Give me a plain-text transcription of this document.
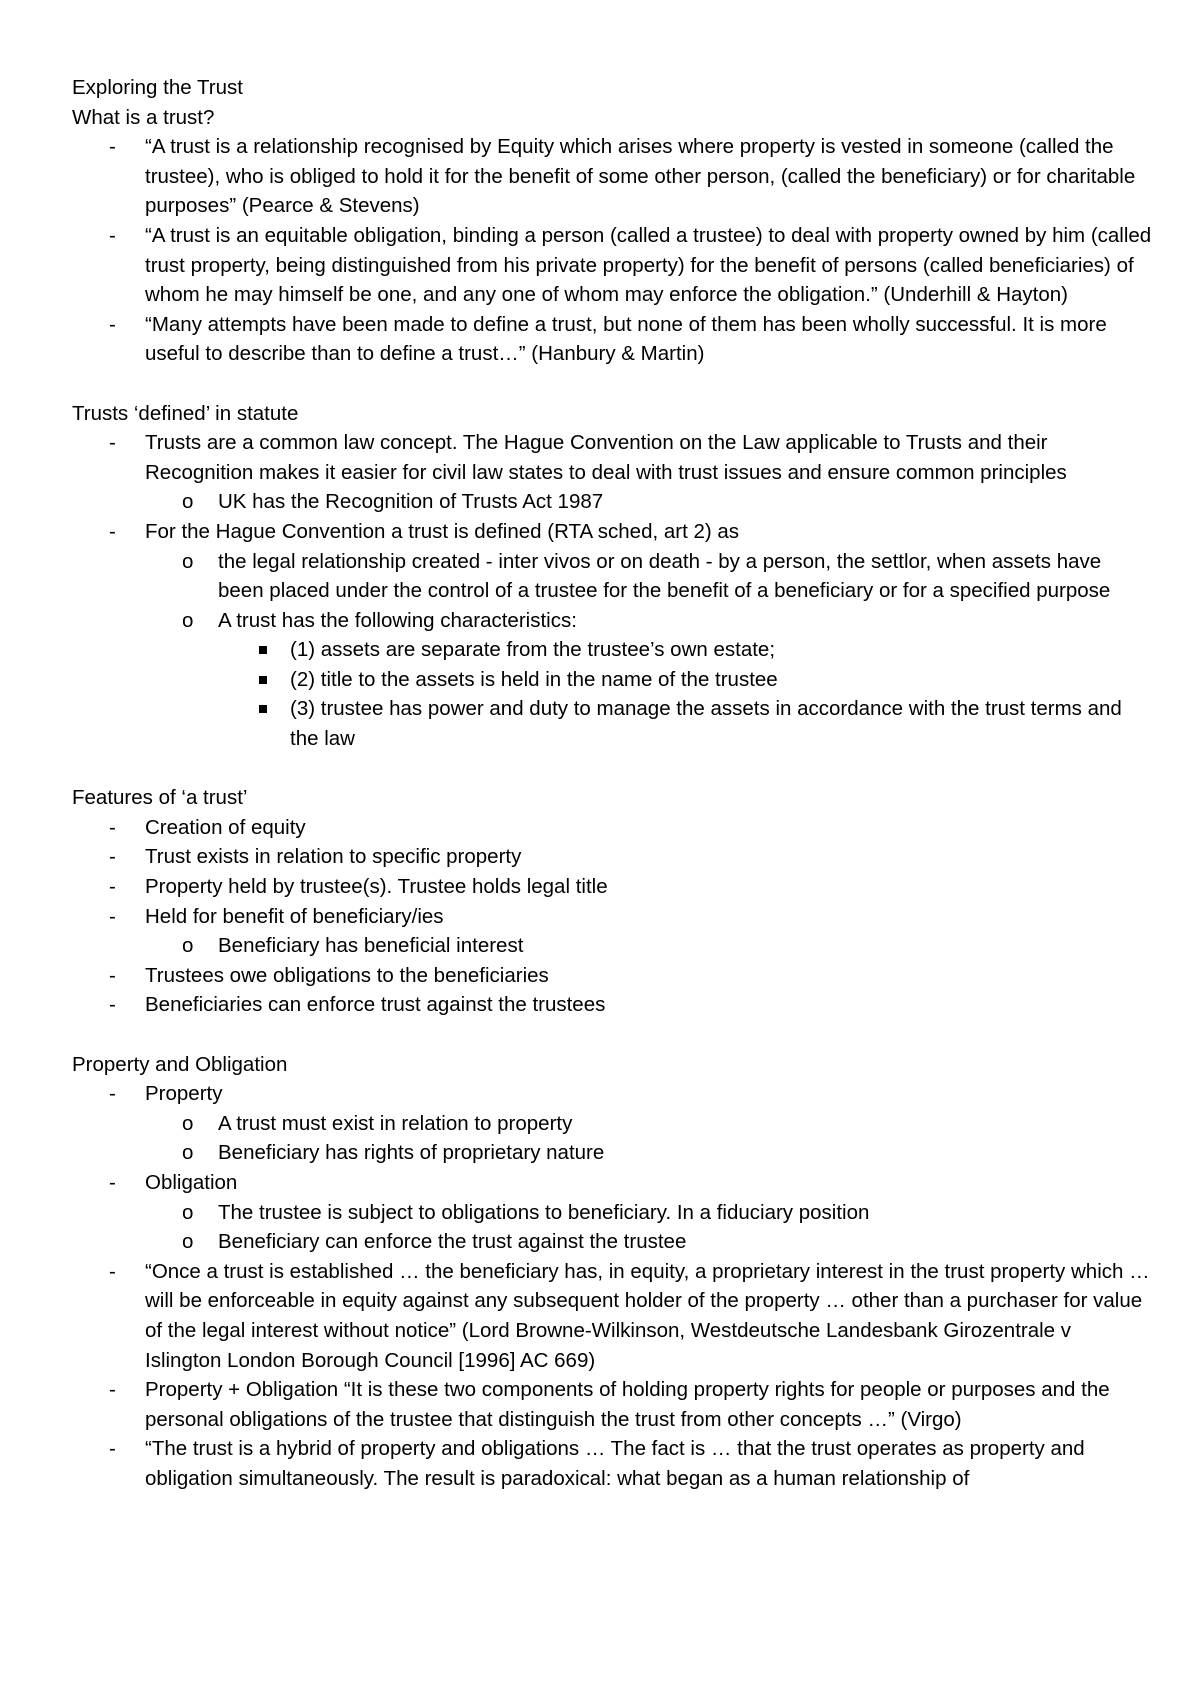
Exploring the Trust

What is a trust?

- “A trust is a relationship recognised by Equity which arises where property is vested in someone (called the trustee), who is obliged to hold it for the benefit of some other person, (called the beneficiary) or for charitable purposes” (Pearce & Stevens)
- “A trust is an equitable obligation, binding a person (called a trustee) to deal with property owned by him (called trust property, being distinguished from his private property) for the benefit of persons (called beneficiaries) of whom he may himself be one, and any one of whom may enforce the obligation.” (Underhill & Hayton)
- “Many attempts have been made to define a trust, but none of them has been wholly successful. It is more useful to describe than to define a trust…” (Hanbury & Martin)

Trusts ‘defined’ in statute

- Trusts are a common law concept. The Hague Convention on the Law applicable to Trusts and their Recognition makes it easier for civil law states to deal with trust issues and ensure common principles
o UK has the Recognition of Trusts Act 1987
- For the Hague Convention a trust is defined (RTA sched, art 2) as
o the legal relationship created - inter vivos or on death - by a person, the settlor, when assets have been placed under the control of a trustee for the benefit of a beneficiary or for a specified purpose
o A trust has the following characteristics:
(1) assets are separate from the trustee’s own estate;
(2) title to the assets is held in the name of the trustee
(3) trustee has power and duty to manage the assets in accordance with the trust terms and the law

Features of ‘a trust’

- Creation of equity
- Trust exists in relation to specific property
- Property held by trustee(s). Trustee holds legal title
- Held for benefit of beneficiary/ies
o Beneficiary has beneficial interest
- Trustees owe obligations to the beneficiaries
- Beneficiaries can enforce trust against the trustees

Property and Obligation

- Property
o A trust must exist in relation to property
o Beneficiary has rights of proprietary nature
- Obligation
o The trustee is subject to obligations to beneficiary. In a fiduciary position
o Beneficiary can enforce the trust against the trustee
- “Once a trust is established … the beneficiary has, in equity, a proprietary interest in the trust property which … will be enforceable in equity against any subsequent holder of the property … other than a purchaser for value of the legal interest without notice” (Lord Browne-Wilkinson, Westdeutsche Landesbank Girozentrale v Islington London Borough Council [1996] AC 669)
- Property + Obligation “It is these two components of holding property rights for people or purposes and the personal obligations of the trustee that distinguish the trust from other concepts …” (Virgo)
- “The trust is a hybrid of property and obligations … The fact is … that the trust operates as property and obligation simultaneously. The result is paradoxical: what began as a human relationship of
